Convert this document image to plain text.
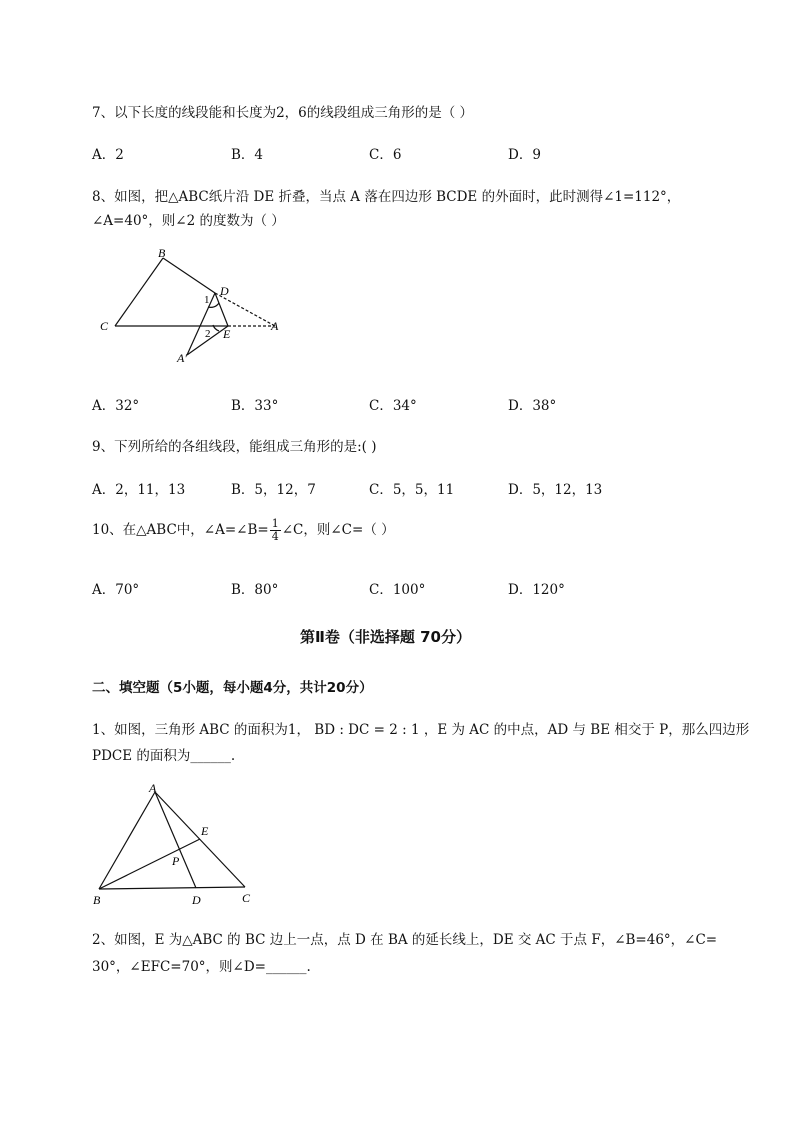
7、以下长度的线段能和长度为2，6的线段组成三角形的是（ ）
A．2	B．4	C．6	D．9
8、如图，把△ABC纸片沿 DE 折叠，当点 A 落在四边形 BCDE 的外面时，此时测得∠1=112°，
∠A=40°，则∠2 的度数为（ ）
B
C
D
E
A
A′
1
2
A．32°	B．33°	C．34°	D．38°
9、下列所给的各组线段，能组成三角形的是:( )
A．2，11，13	B．5，12，7	C．5，5，11	D．5，12，13
10、在△ABC中，∠A=∠B= $\frac{1}{4}$ ∠C，则∠C=（ ）
A．70°	B．80°	C．100°	D．120°
第Ⅱ卷（非选择题 70分）
二、填空题（5小题，每小题4分，共计20分）
1、如图，三角形 ABC 的面积为1， BD : DC = 2 : 1 ，E 为 AC 的中点，AD 与 BE 相交于 P，那么四边形
PDCE 的面积为______.
A
B	C
D
E
P
2、如图，E 为△ABC 的 BC 边上一点，点 D 在 BA 的延长线上，DE 交 AC 于点 F，∠B=46°，∠C=
30°，∠EFC=70°，则∠D=______.
